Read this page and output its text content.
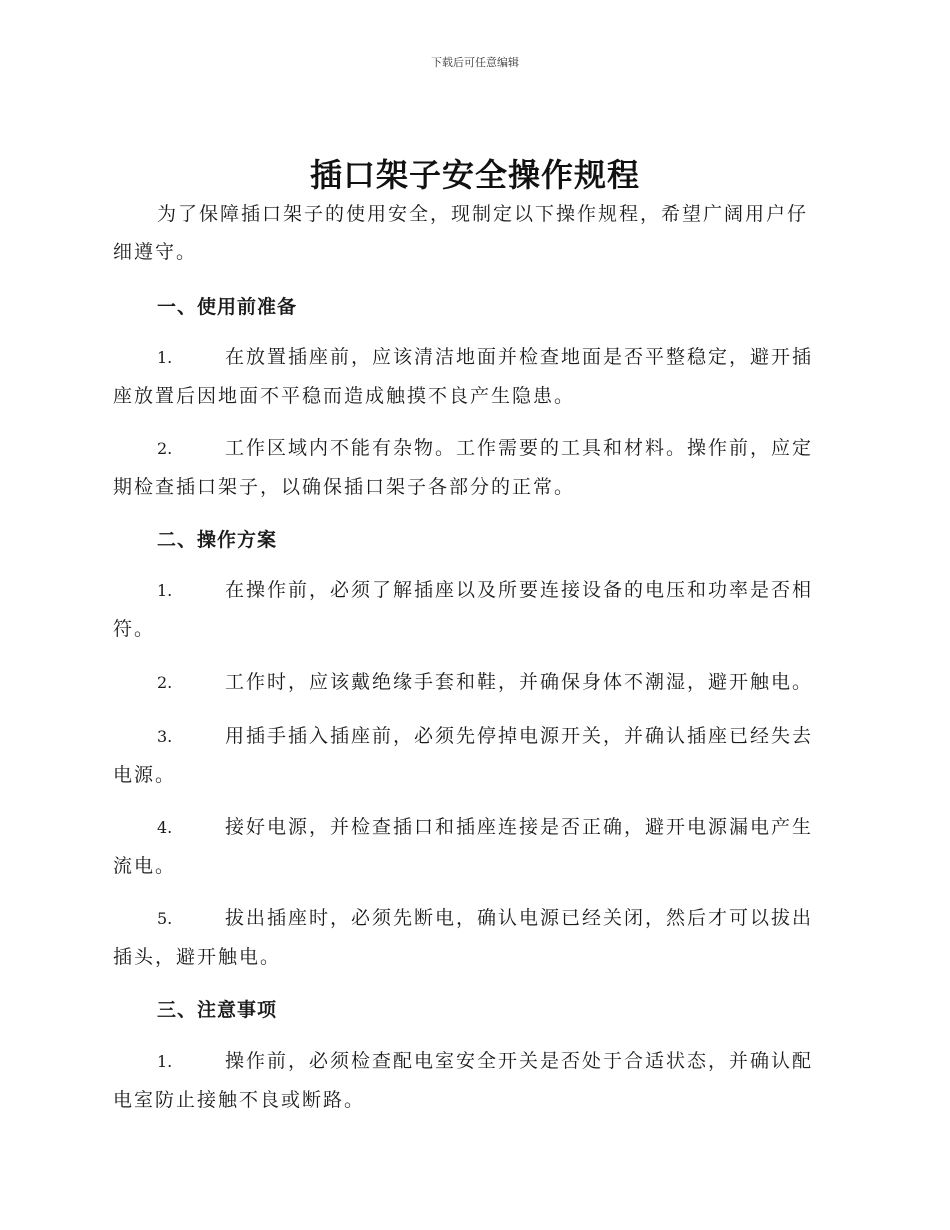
下载后可任意编辑
插口架子安全操作规程
为了保障插口架子的使用安全，现制定以下操作规程，希望广阔用户仔
细遵守。
一、使用前准备
1.	在放置插座前，应该清洁地面并检查地面是否平整稳定，避开插
座放置后因地面不平稳而造成触摸不良产生隐患。
2.	工作区域内不能有杂物。工作需要的工具和材料。操作前，应定
期检查插口架子，以确保插口架子各部分的正常。
二、操作方案
1.	在操作前，必须了解插座以及所要连接设备的电压和功率是否相
符。
2.	工作时，应该戴绝缘手套和鞋，并确保身体不潮湿，避开触电。
3.	用插手插入插座前，必须先停掉电源开关，并确认插座已经失去
电源。
4.	接好电源，并检查插口和插座连接是否正确，避开电源漏电产生
流电。
5.	拔出插座时，必须先断电，确认电源已经关闭，然后才可以拔出
插头，避开触电。
三、注意事项
1.	操作前，必须检查配电室安全开关是否处于合适状态，并确认配
电室防止接触不良或断路。
